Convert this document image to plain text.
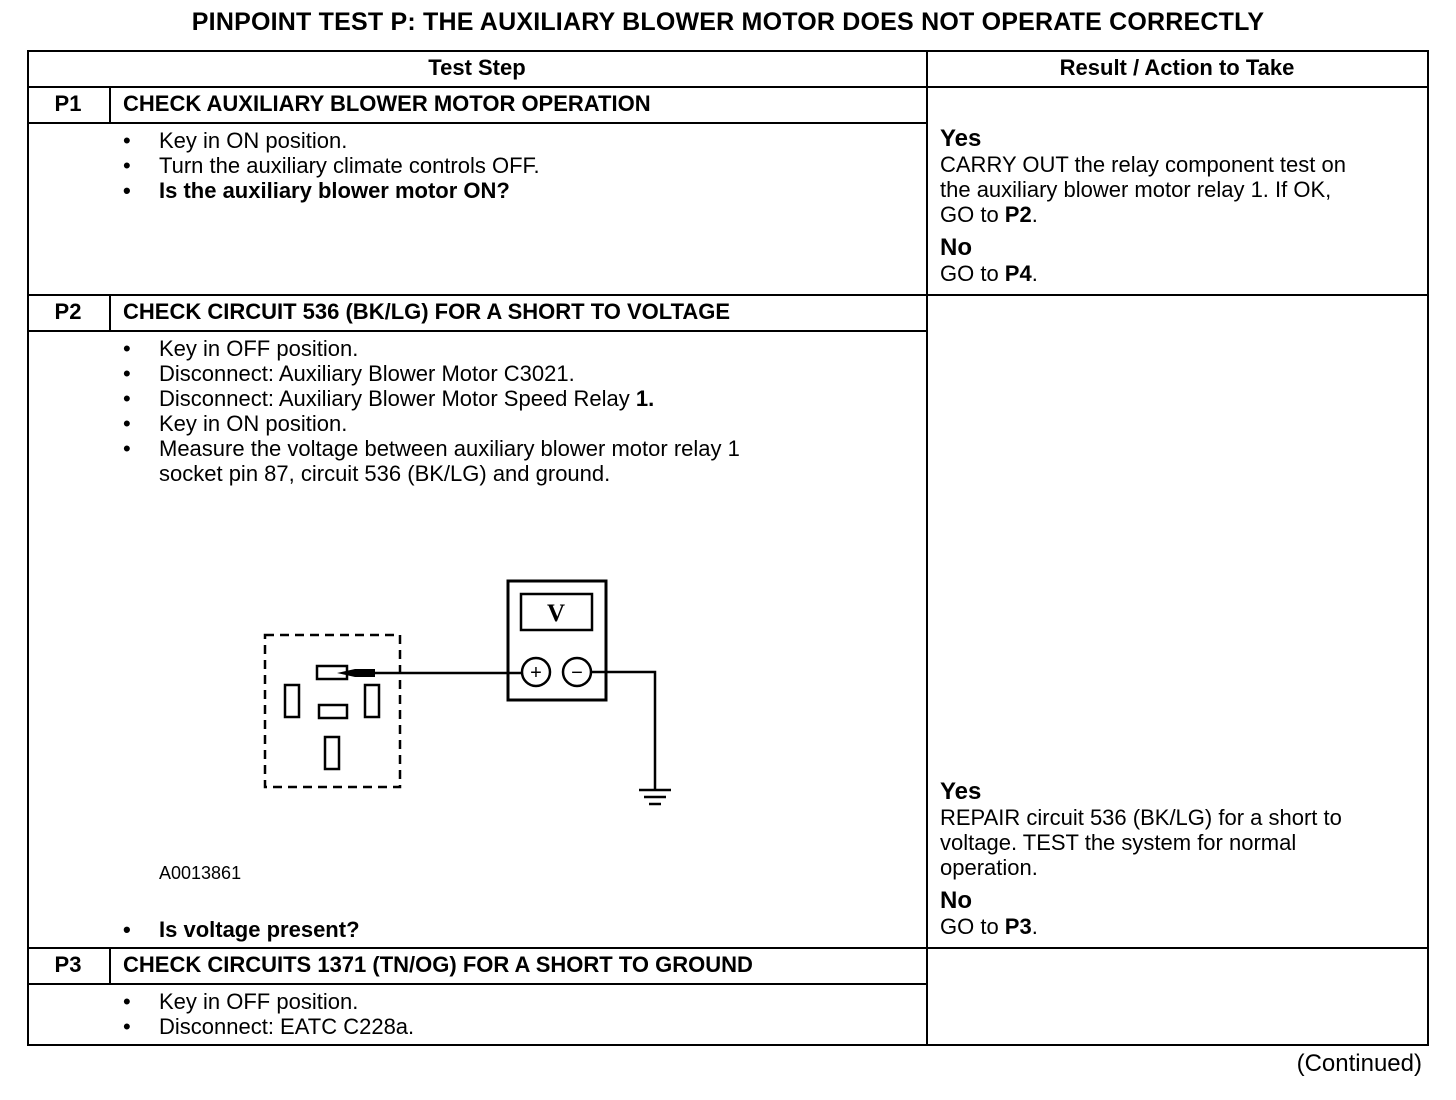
PINPOINT TEST P: THE AUXILIARY BLOWER MOTOR DOES NOT OPERATE CORRECTLY
Test Step	Result / Action to Take
P1	CHECK AUXILIARY BLOWER MOTOR OPERATION
• Key in ON position.
• Turn the auxiliary climate controls OFF.
• Is the auxiliary blower motor ON?
Yes
CARRY OUT the relay component test on
the auxiliary blower motor relay 1. If OK,
GO to P2.
No
GO to P4.
P2	CHECK CIRCUIT 536 (BK/LG) FOR A SHORT TO VOLTAGE
• Key in OFF position.
• Disconnect: Auxiliary Blower Motor C3021.
• Disconnect: Auxiliary Blower Motor Speed Relay 1.
• Key in ON position.
• Measure the voltage between auxiliary blower motor relay 1
socket pin 87, circuit 536 (BK/LG) and ground.
V
+ −
A0013861
• Is voltage present?
Yes
REPAIR circuit 536 (BK/LG) for a short to
voltage. TEST the system for normal
operation.
No
GO to P3.
P3	CHECK CIRCUITS 1371 (TN/OG) FOR A SHORT TO GROUND
• Key in OFF position.
• Disconnect: EATC C228a.
(Continued)
